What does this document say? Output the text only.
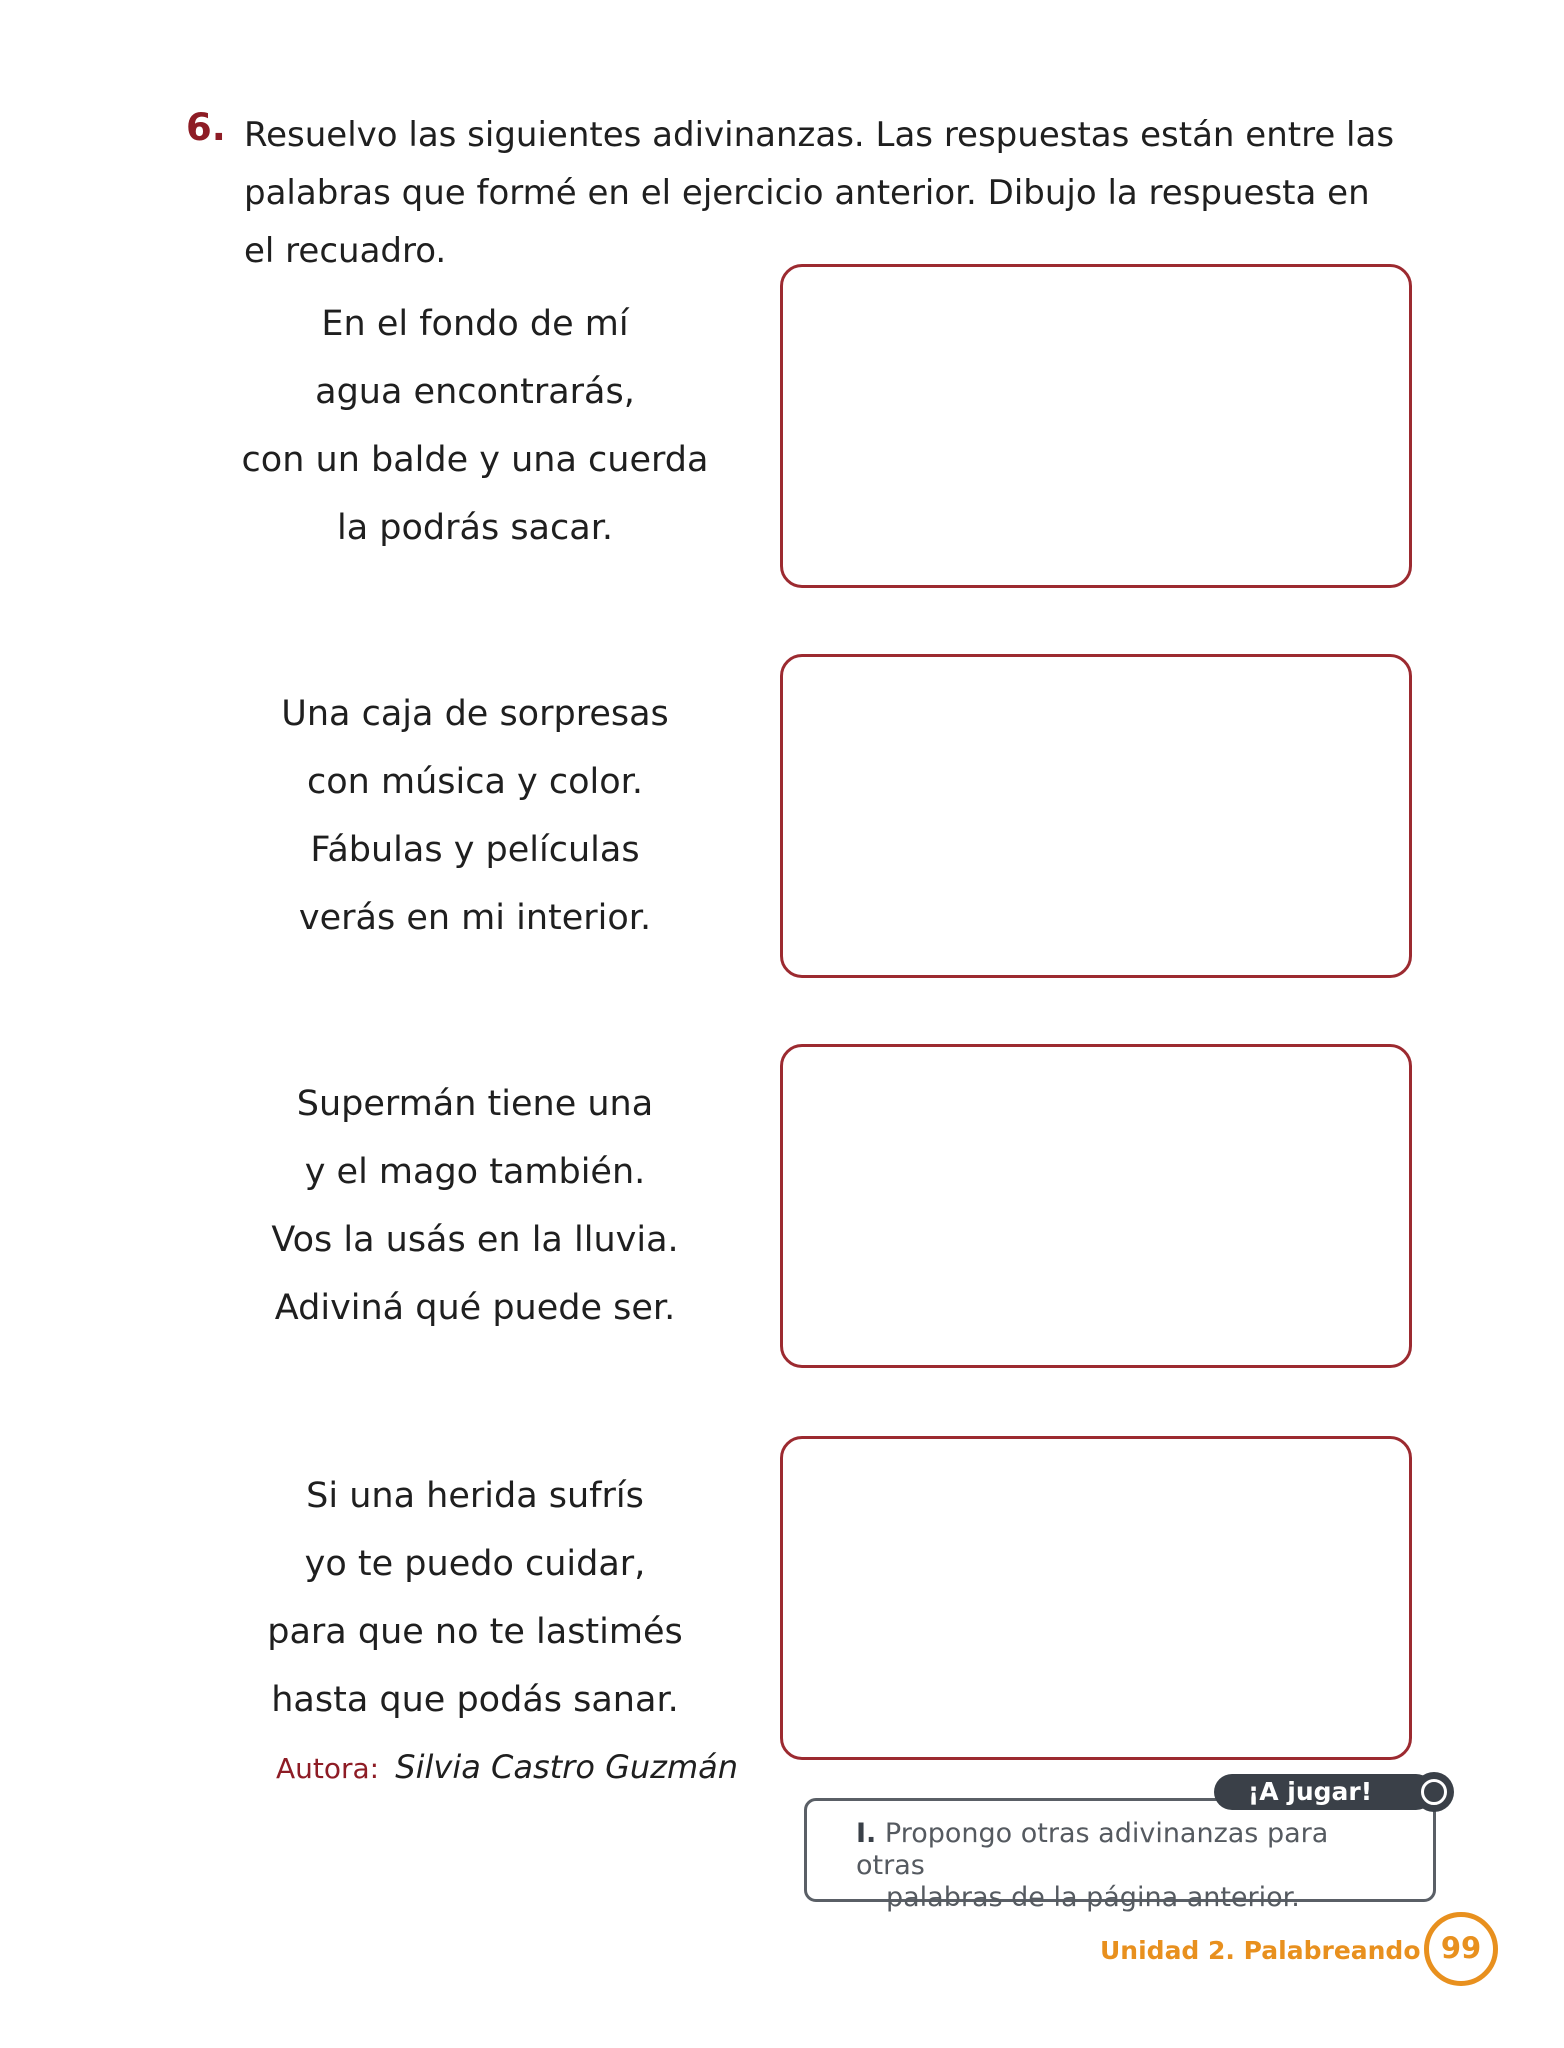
6. Resuelvo las siguientes adivinanzas. Las respuestas están entre las
palabras que formé en el ejercicio anterior. Dibujo la respuesta en
el recuadro.

En el fondo de mí
agua encontrarás,
con un balde y una cuerda
la podrás sacar.
Una caja de sorpresas
con música y color.
Fábulas y películas
verás en mi interior.
Supermán tiene una
y el mago también.
Vos la usás en la lluvia.
Adiviná qué puede ser.
Si una herida sufrís
yo te puedo cuidar,
para que no te lastimés
hasta que podás sanar.
Autora: Silvia Castro Guzmán
¡A jugar!
I. Propongo otras adivinanzas para otras
palabras de la página anterior.
Unidad 2. Palabreando 99
